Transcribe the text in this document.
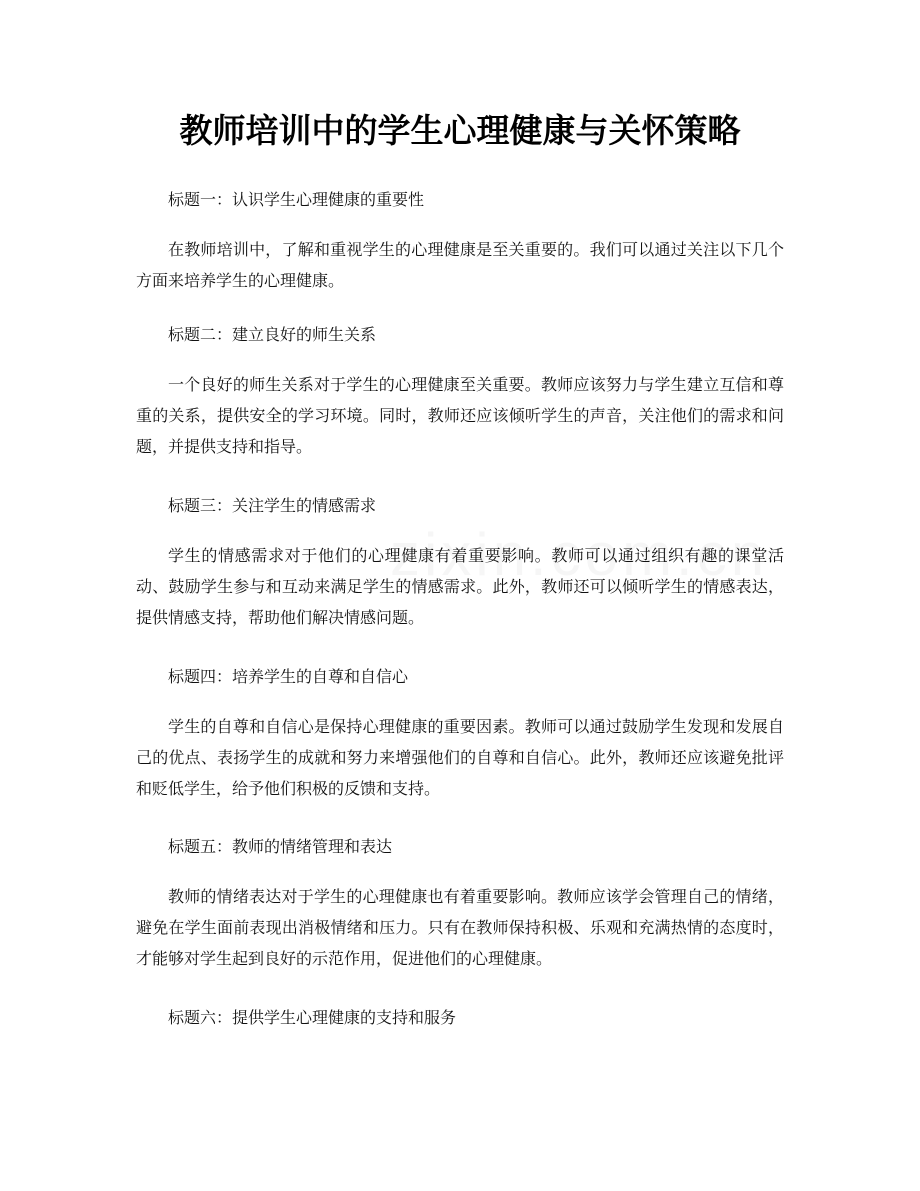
教师培训中的学生心理健康与关怀策略

标题一：认识学生心理健康的重要性

在教师培训中，了解和重视学生的心理健康是至关重要的。我们可以通过关注以下几个方面来培养学生的心理健康。

标题二：建立良好的师生关系

一个良好的师生关系对于学生的心理健康至关重要。教师应该努力与学生建立互信和尊重的关系，提供安全的学习环境。同时，教师还应该倾听学生的声音，关注他们的需求和问题，并提供支持和指导。

标题三：关注学生的情感需求

学生的情感需求对于他们的心理健康有着重要影响。教师可以通过组织有趣的课堂活动、鼓励学生参与和互动来满足学生的情感需求。此外，教师还可以倾听学生的情感表达，提供情感支持，帮助他们解决情感问题。

标题四：培养学生的自尊和自信心

学生的自尊和自信心是保持心理健康的重要因素。教师可以通过鼓励学生发现和发展自己的优点、表扬学生的成就和努力来增强他们的自尊和自信心。此外，教师还应该避免批评和贬低学生，给予他们积极的反馈和支持。

标题五：教师的情绪管理和表达

教师的情绪表达对于学生的心理健康也有着重要影响。教师应该学会管理自己的情绪，避免在学生面前表现出消极情绪和压力。只有在教师保持积极、乐观和充满热情的态度时，才能够对学生起到良好的示范作用，促进他们的心理健康。

标题六：提供学生心理健康的支持和服务
